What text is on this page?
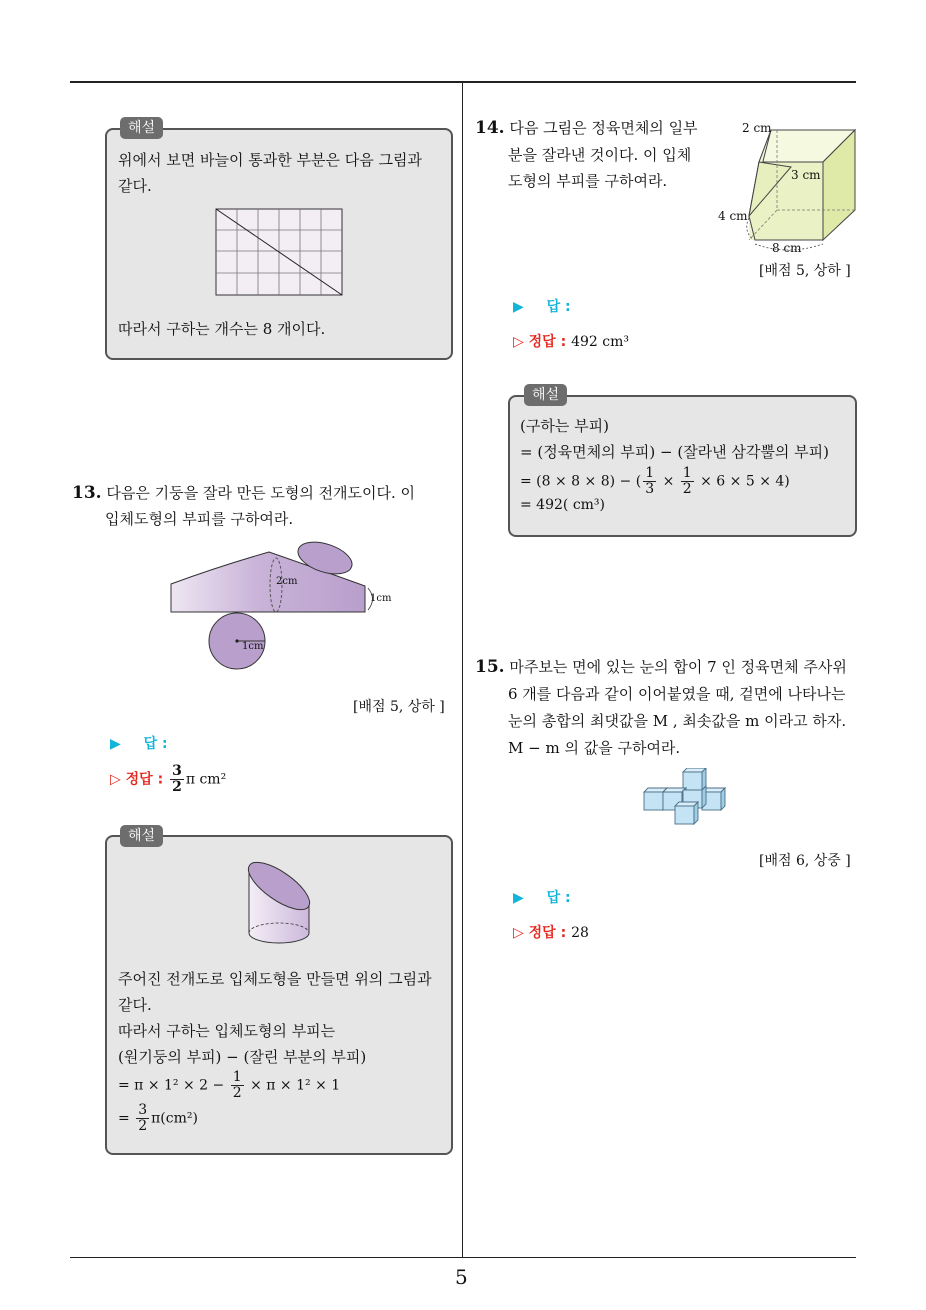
5
해설
위에서 보면 바늘이 통과한 부분은 다음 그림과
같다.
따라서 구하는 개수는 8 개이다.
13. 다음은 기둥을 잘라 만든 도형의 전개도이다. 이
입체도형의 부피를 구하여라.
2cm
1cm
1cm
[배점 5, 상하 ]
▶ 답 :
▷ 정답 : $\frac{3}{2}$ π cm²
해설
주어진 전개도로 입체도형을 만들면 위의 그림과
같다.
따라서 구하는 입체도형의 부피는
(원기둥의 부피) − (잘린 부분의 부피)
= $\pi \times 1^2 \times 2 - \frac{1}{2} \times \pi \times 1^2 \times 1$
= $\frac{3}{2} \pi(cm^2)$
14. 다음 그림은 정육면체의 일부
분을 잘라낸 것이다. 이 입체
도형의 부피를 구하여라.
2 cm
3 cm
4 cm
8 cm
[배점 5, 상하 ]
▶ 답 :
▷ 정답 : 492 cm³
해설
(구하는 부피)
= (정육면체의 부피) − (잘라낸 삼각뿔의 부피)
= (8 × 8 × 8) − ( $\frac{1}{3} \times \frac{1}{2} \times 6 \times 5 \times 4$)
= 492( cm³)
15. 마주보는 면에 있는 눈의 합이 7 인 정육면체 주사위
6 개를 다음과 같이 이어붙였을 때, 겉면에 나타나는
눈의 총합의 최댓값을 M , 최솟값을 m 이라고 하자.
M − m 의 값을 구하여라.
[배점 6, 상중 ]
▶ 답 :
▷ 정답 : 28
